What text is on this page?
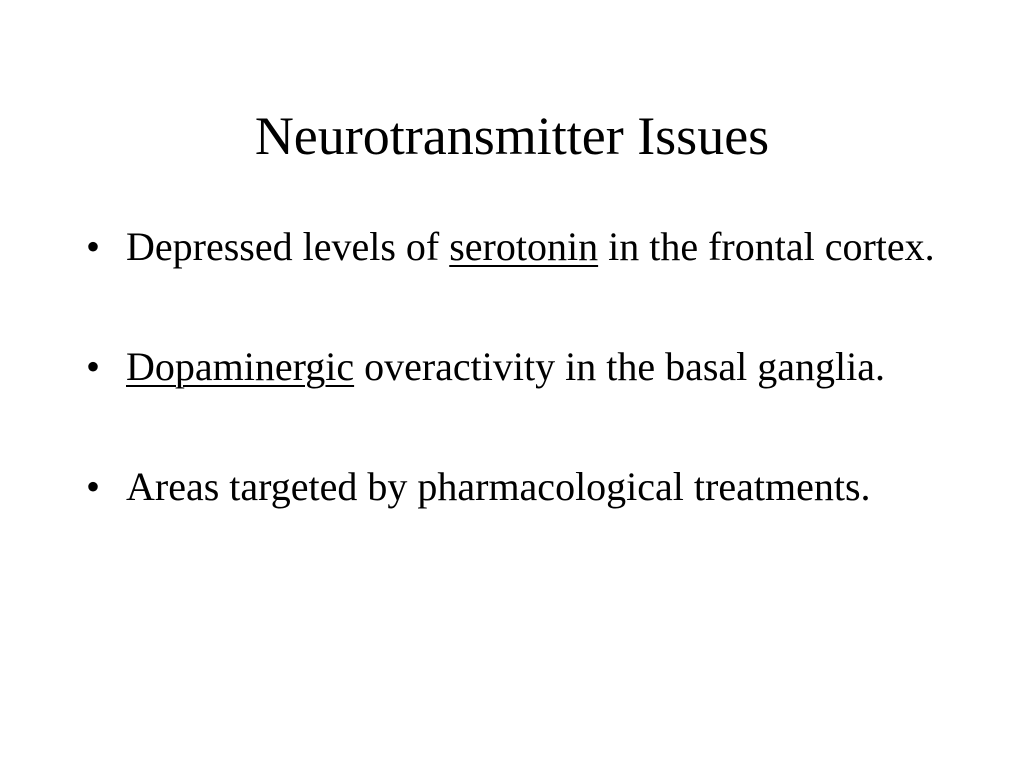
Neurotransmitter Issues
• Depressed levels of serotonin in the frontal cortex.
• Dopaminergic overactivity in the basal ganglia.
• Areas targeted by pharmacological treatments.
